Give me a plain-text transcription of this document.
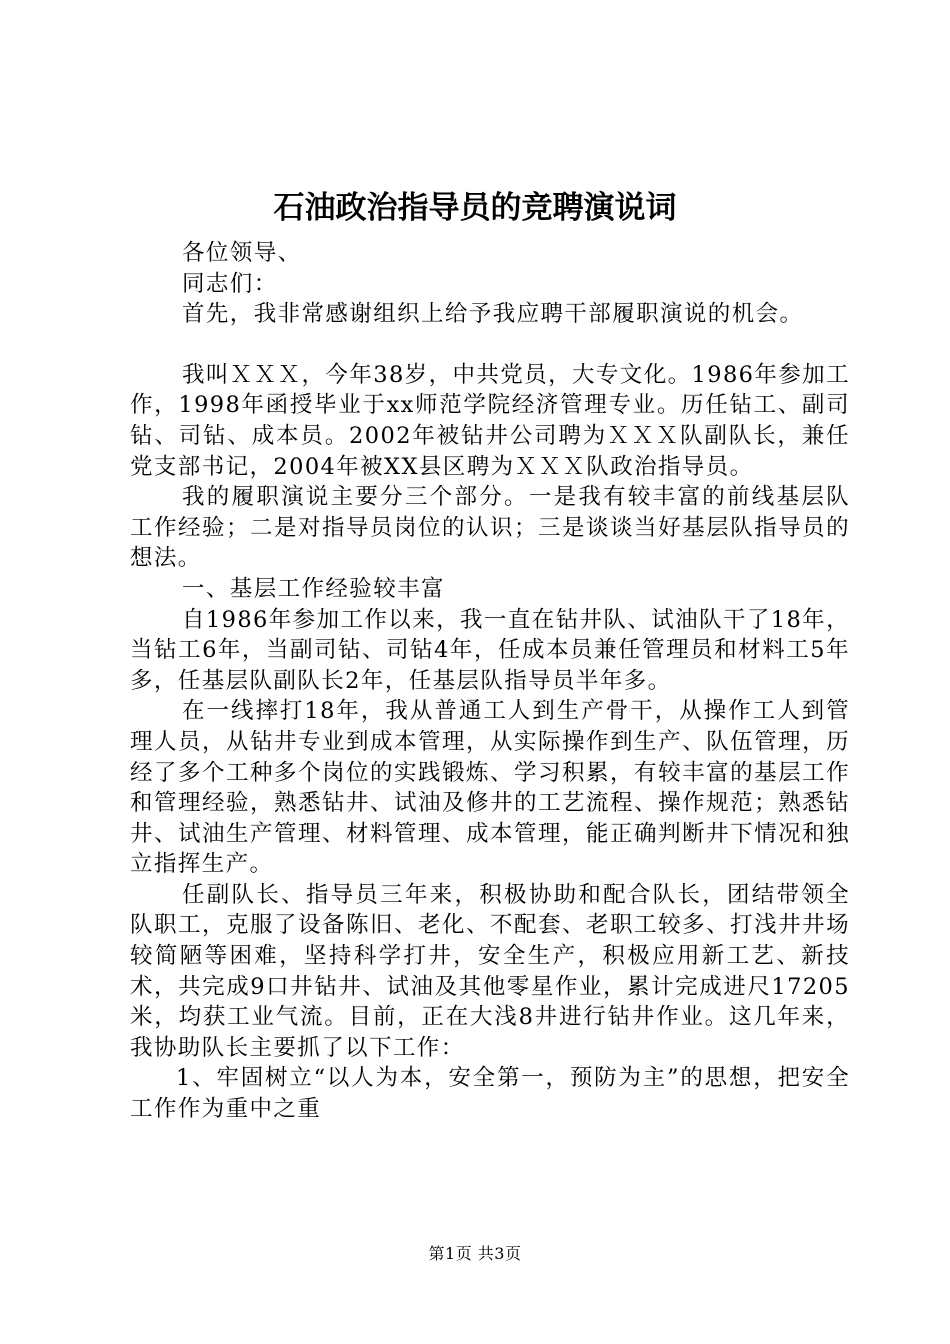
石油政治指导员的竞聘演说词

各位领导、

同志们：

首先，我非常感谢组织上给予我应聘干部履职演说的机会。

我叫ＸＸＸ，今年38岁，中共党员，大专文化。1986年参加工作，1998年函授毕业于xx师范学院经济管理专业。历任钻工、副司钻、司钻、成本员。2002年被钻井公司聘为ＸＸＸ队副队长，兼任党支部书记，2004年被XX县区聘为ＸＸＸ队政治指导员。

我的履职演说主要分三个部分。一是我有较丰富的前线基层队工作经验；二是对指导员岗位的认识；三是谈谈当好基层队指导员的想法。

一、基层工作经验较丰富

自1986年参加工作以来，我一直在钻井队、试油队干了18年，当钻工6年，当副司钻、司钻4年，任成本员兼任管理员和材料工5年多，任基层队副队长2年，任基层队指导员半年多。

在一线摔打18年，我从普通工人到生产骨干，从操作工人到管理人员，从钻井专业到成本管理，从实际操作到生产、队伍管理，历经了多个工种多个岗位的实践锻炼、学习积累，有较丰富的基层工作和管理经验，熟悉钻井、试油及修井的工艺流程、操作规范；熟悉钻井、试油生产管理、材料管理、成本管理，能正确判断井下情况和独立指挥生产。

任副队长、指导员三年来，积极协助和配合队长，团结带领全队职工，克服了设备陈旧、老化、不配套、老职工较多、打浅井井场较简陋等困难，坚持科学打井，安全生产，积极应用新工艺、新技术，共完成9口井钻井、试油及其他零星作业，累计完成进尺17205米，均获工业气流。目前，正在大浅8井进行钻井作业。这几年来，我协助队长主要抓了以下工作：

1、牢固树立“以人为本，安全第一，预防为主”的思想，把安全工作作为重中之重

第1页 共3页
